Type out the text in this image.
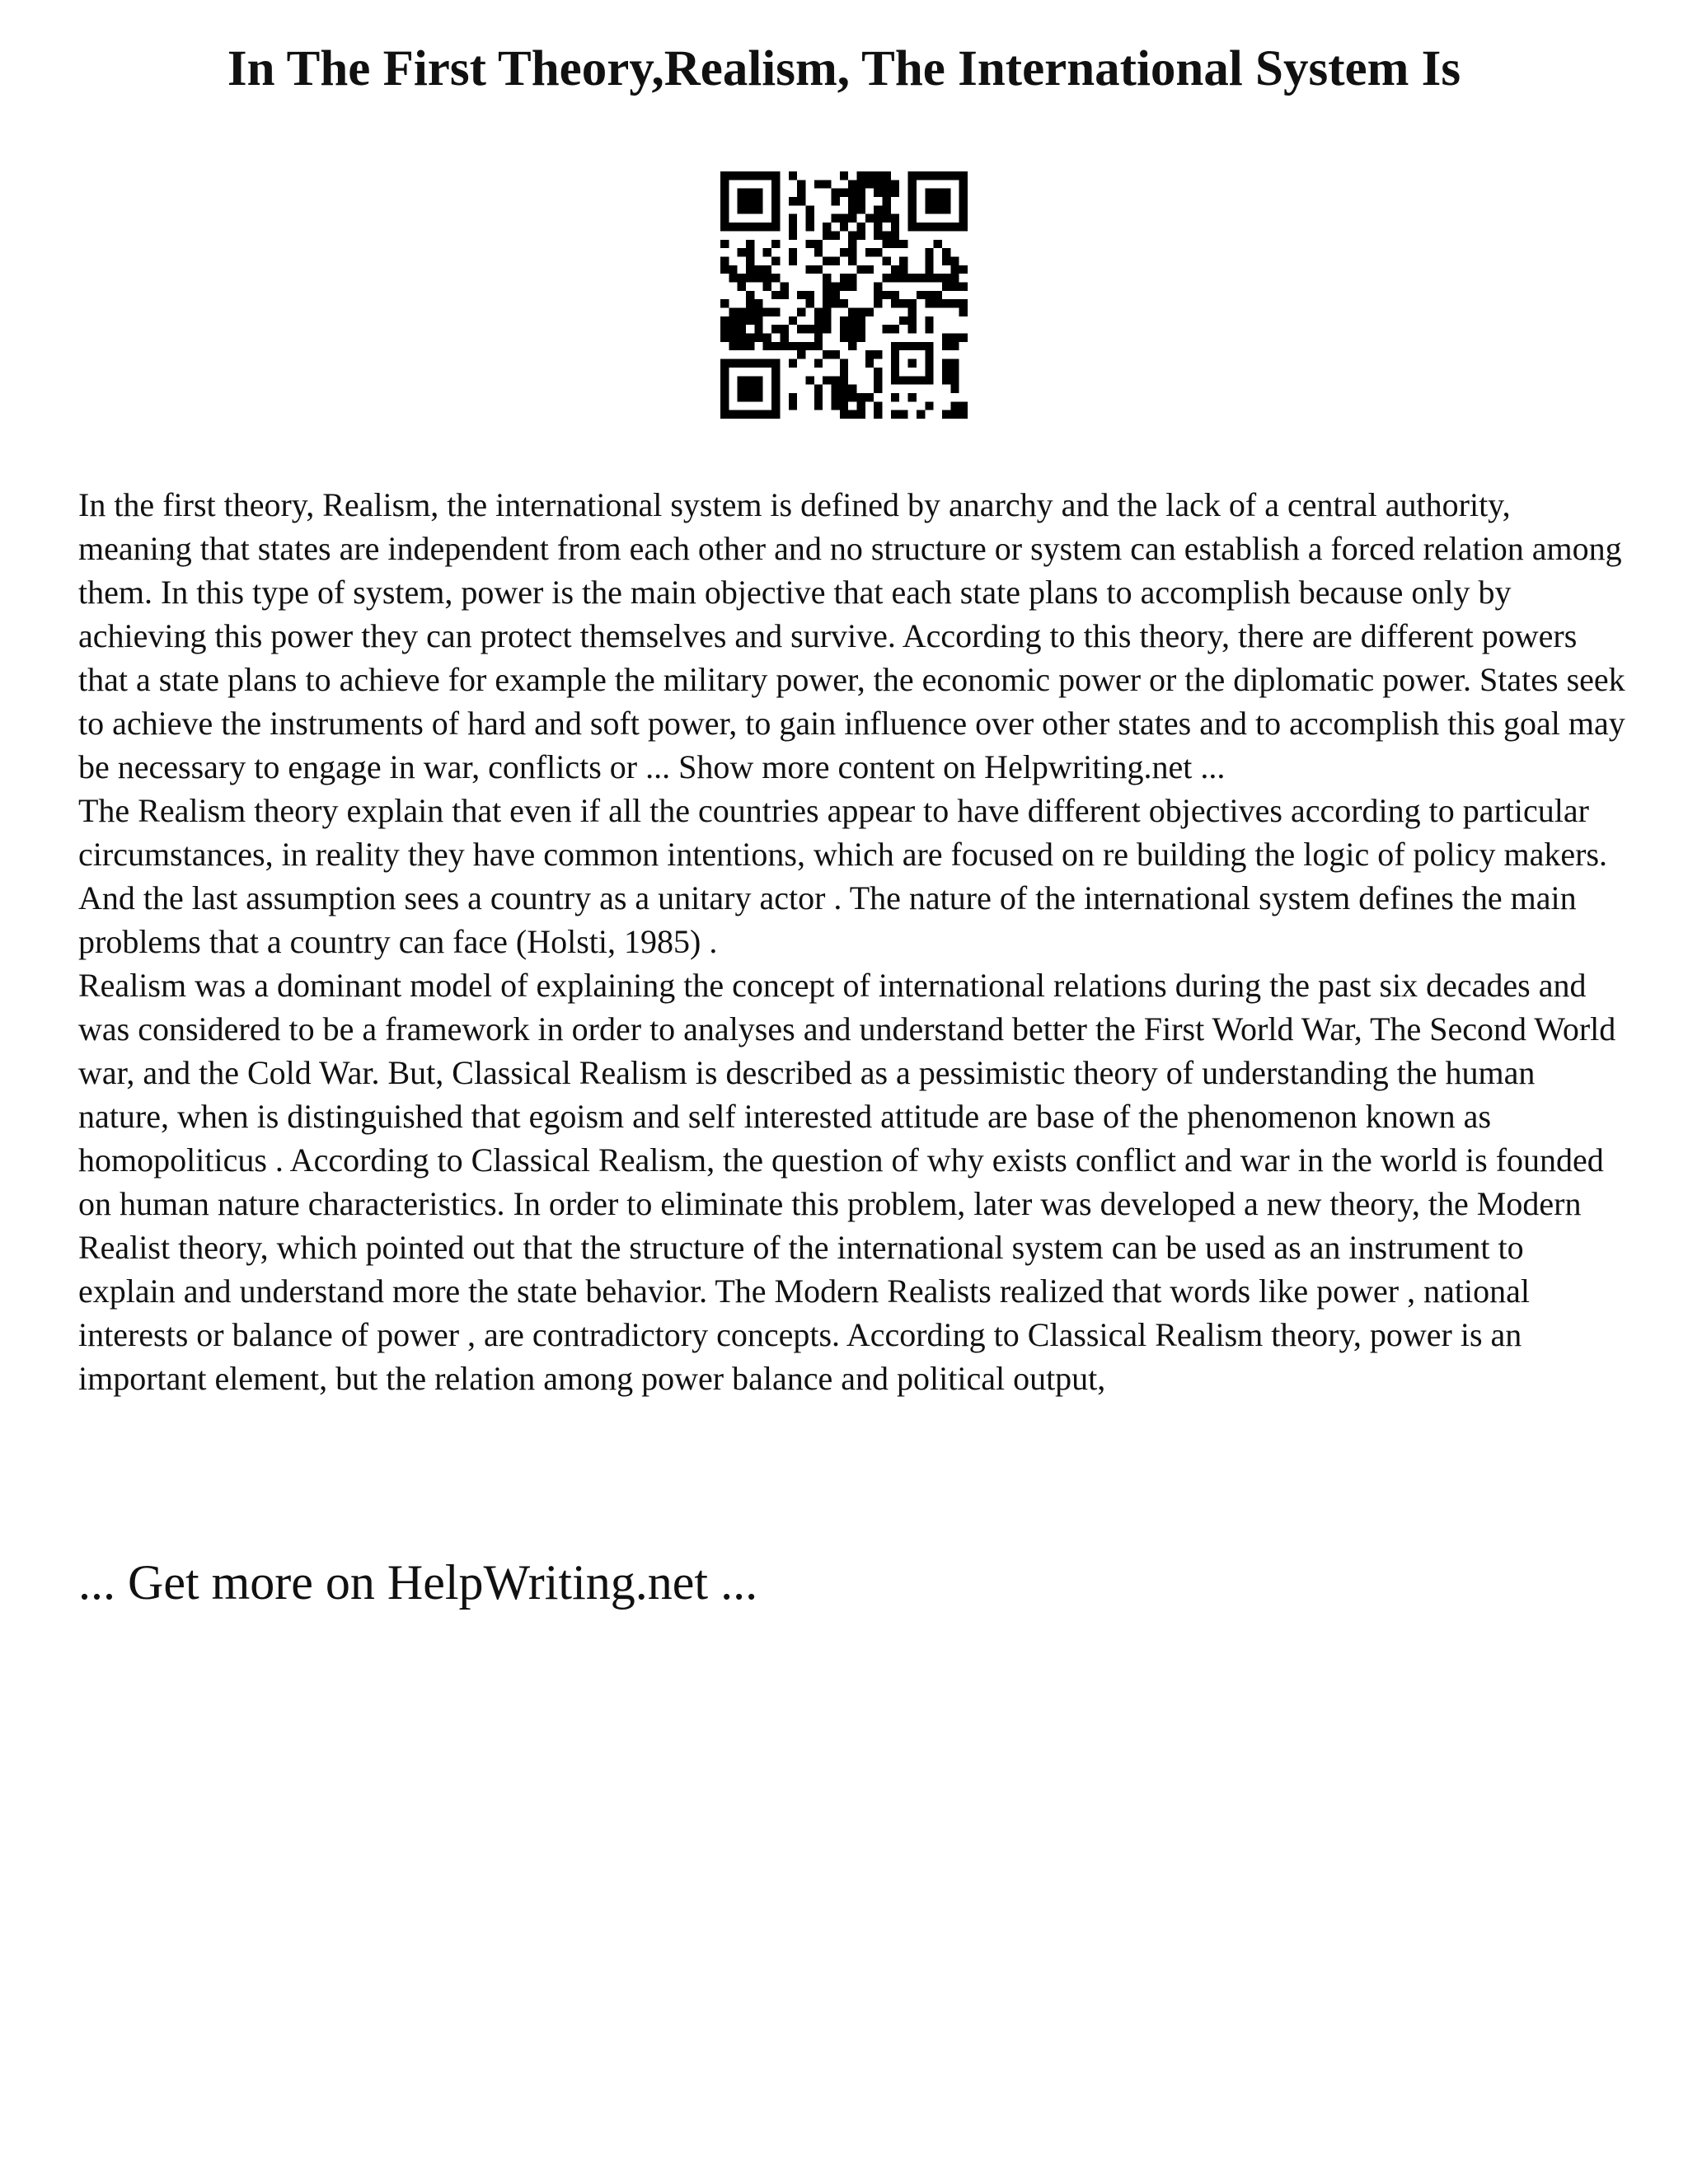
In The First Theory,Realism, The International System Is

In the first theory, Realism, the international system is defined by anarchy and the lack of a central authority, meaning that states are independent from each other and no structure or system can establish a forced relation among them. In this type of system, power is the main objective that each state plans to accomplish because only by achieving this power they can protect themselves and survive. According to this theory, there are different powers that a state plans to achieve for example the military power, the economic power or the diplomatic power. States seek to achieve the instruments of hard and soft power, to gain influence over other states and to accomplish this goal may be necessary to engage in war, conflicts or ... Show more content on Helpwriting.net ...

The Realism theory explain that even if all the countries appear to have different objectives according to particular circumstances, in reality they have common intentions, which are focused on re building the logic of policy makers. And the last assumption sees a country as a unitary actor . The nature of the international system defines the main problems that a country can face (Holsti, 1985) .

Realism was a dominant model of explaining the concept of international relations during the past six decades and was considered to be a framework in order to analyses and understand better the First World War, The Second World war, and the Cold War. But, Classical Realism is described as a pessimistic theory of understanding the human nature, when is distinguished that egoism and self interested attitude are base of the phenomenon known as homopoliticus . According to Classical Realism, the question of why exists conflict and war in the world is founded on human nature characteristics. In order to eliminate this problem, later was developed a new theory, the Modern Realist theory, which pointed out that the structure of the international system can be used as an instrument to explain and understand more the state behavior. The Modern Realists realized that words like power , national interests or balance of power , are contradictory concepts. According to Classical Realism theory, power is an important element, but the relation among power balance and political output,

... Get more on HelpWriting.net ...
